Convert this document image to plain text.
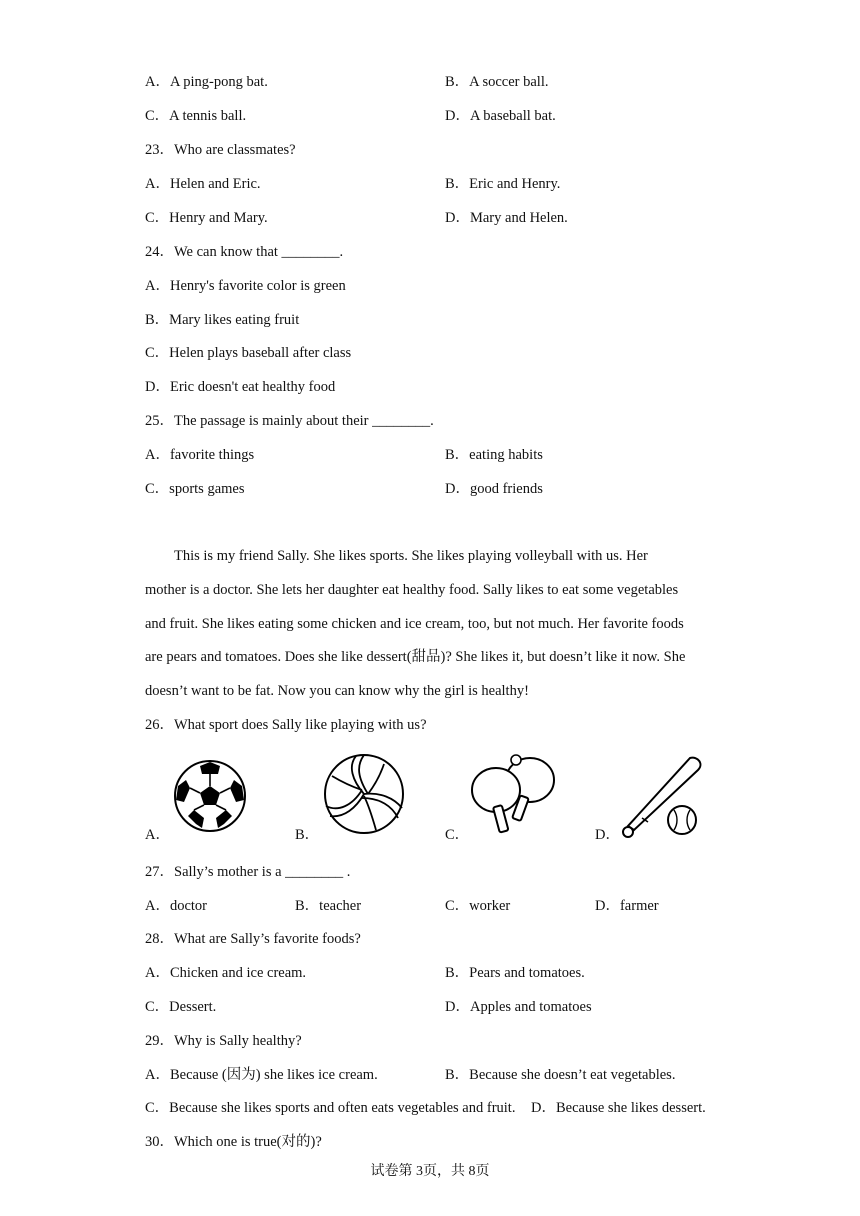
A．A ping-pong bat.	B．A soccer ball.
C．A tennis ball.	D．A baseball bat.
23．Who are classmates?
A．Helen and Eric.	B．Eric and Henry.
C．Henry and Mary.	D．Mary and Helen.
24．We can know that ________.
A．Henry's favorite color is green
B．Mary likes eating fruit
C．Helen plays baseball after class
D．Eric doesn't eat healthy food
25．The passage is mainly about their ________.
A．favorite things	B．eating habits
C．sports games	D．good friends
This is my friend Sally. She likes sports. She likes playing volleyball with us. Her
mother is a doctor. She lets her daughter eat healthy food. Sally likes to eat some vegetables
and fruit. She likes eating some chicken and ice cream, too, but not much. Her favorite foods
are pears and tomatoes. Does she like dessert(甜品)? She likes it, but doesn’t like it now. She
doesn’t want to be fat. Now you can know why the girl is healthy!
26．What sport does Sally like playing with us?
A．	B．	C．	D．
27．Sally’s mother is a ________ .
A．doctor	B．teacher	C．worker	D．farmer
28．What are Sally’s favorite foods?
A．Chicken and ice cream.	B．Pears and tomatoes.
C．Dessert.	D．Apples and tomatoes
29．Why is Sally healthy?
A．Because (因为) she likes ice cream.	B．Because she doesn’t eat vegetables.
C．Because she likes sports and often eats vegetables and fruit. D．Because she likes dessert.
30．Which one is true(对的)?
试卷第 3页，共 8页
